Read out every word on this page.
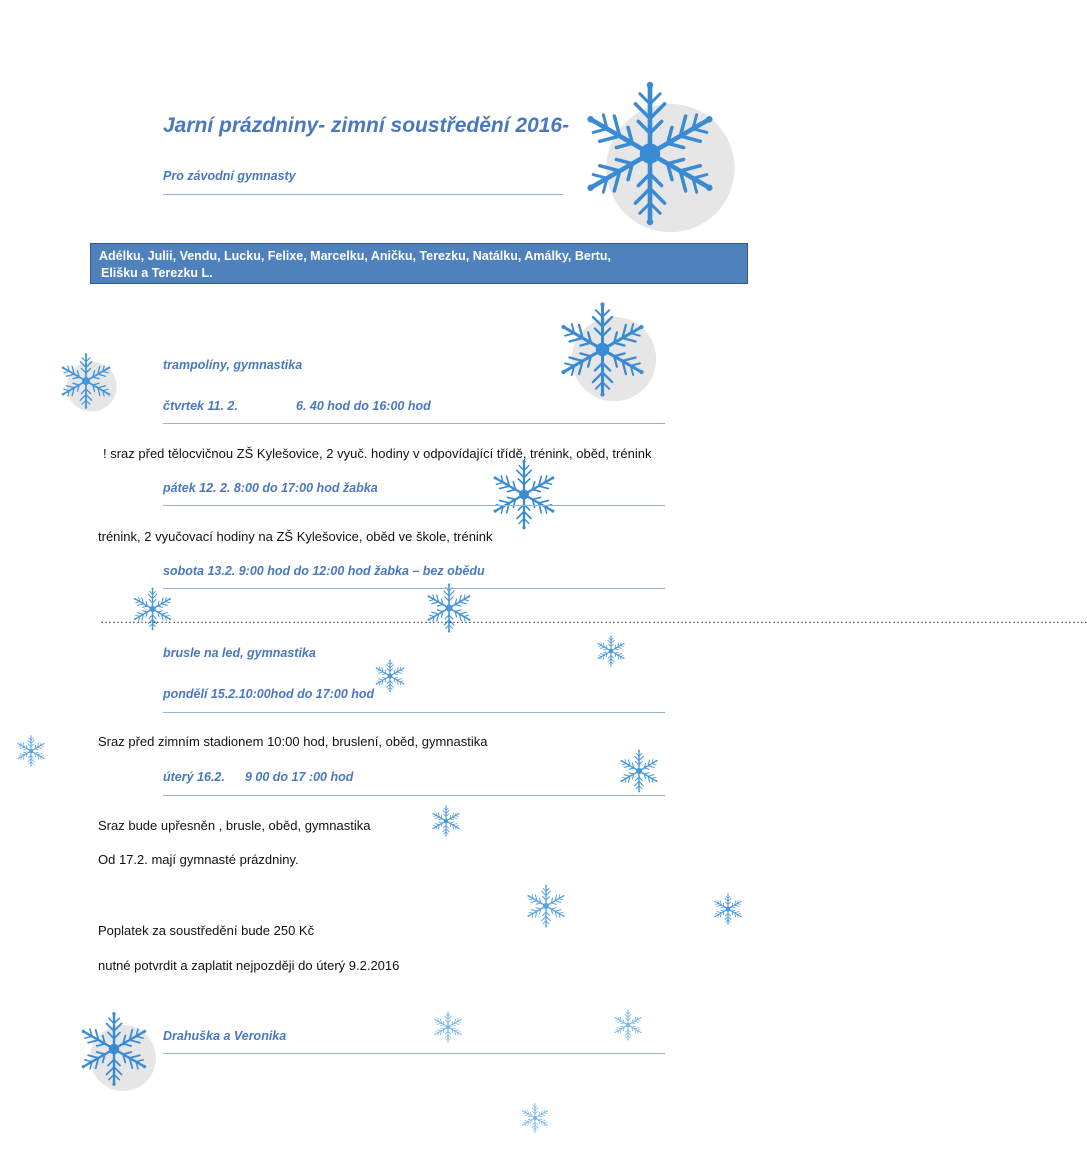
Jarní prázdniny- zimní soustředění 2016-
Pro závodní gymnasty
Adélku, Julii, Vendu, Lucku, Felixe, Marcelku, Aničku, Terezku, Natálku, Amálky, Bertu,
Elišku a Terezku L.
trampolíny, gymnastika
čtvrtek 11. 2.	6. 40 hod do 16:00 hod
! sraz před tělocvičnou ZŠ Kylešovice, 2 vyuč. hodiny v odpovídající třídě, trénink, oběd, trénink
pátek 12. 2. 8:00 do 17:00 hod žabka
trénink, 2 vyučovací hodiny na ZŠ Kylešovice, oběd ve škole, trénink
sobota 13.2. 9:00 hod do 12:00 hod žabka – bez obědu
………………………………………………………………………………………………………………………………………………………………………………………………………………………….
brusle na led, gymnastika
pondělí 15.2.10:00hod do 17:00 hod
Sraz před zimním stadionem 10:00 hod, bruslení, oběd, gymnastika
úterý 16.2. 9 00 do 17 :00 hod
Sraz bude upřesněn , brusle, oběd, gymnastika
Od 17.2. mají gymnasté prázdniny.
Poplatek za soustředění bude 250 Kč
nutné potvrdit a zaplatit nejpozději do úterý 9.2.2016
Drahuška a Veronika
